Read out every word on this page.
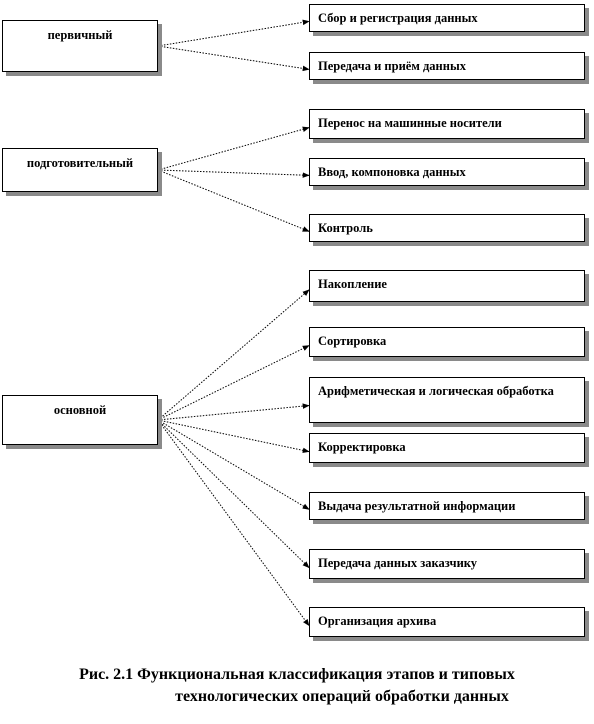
первичный
Сбор и регистрация данных
Передача и приём данных
подготовительный
Перенос на машинные носители
Ввод, компоновка данных
Контроль
основной
Накопление
Сортировка
Арифметическая и логическая обработка
Корректировка
Выдача результатной информации
Передача данных заказчику
Организация архива
Рис. 2.1 Функциональная классификация этапов и типовых
технологических операций обработки данных
